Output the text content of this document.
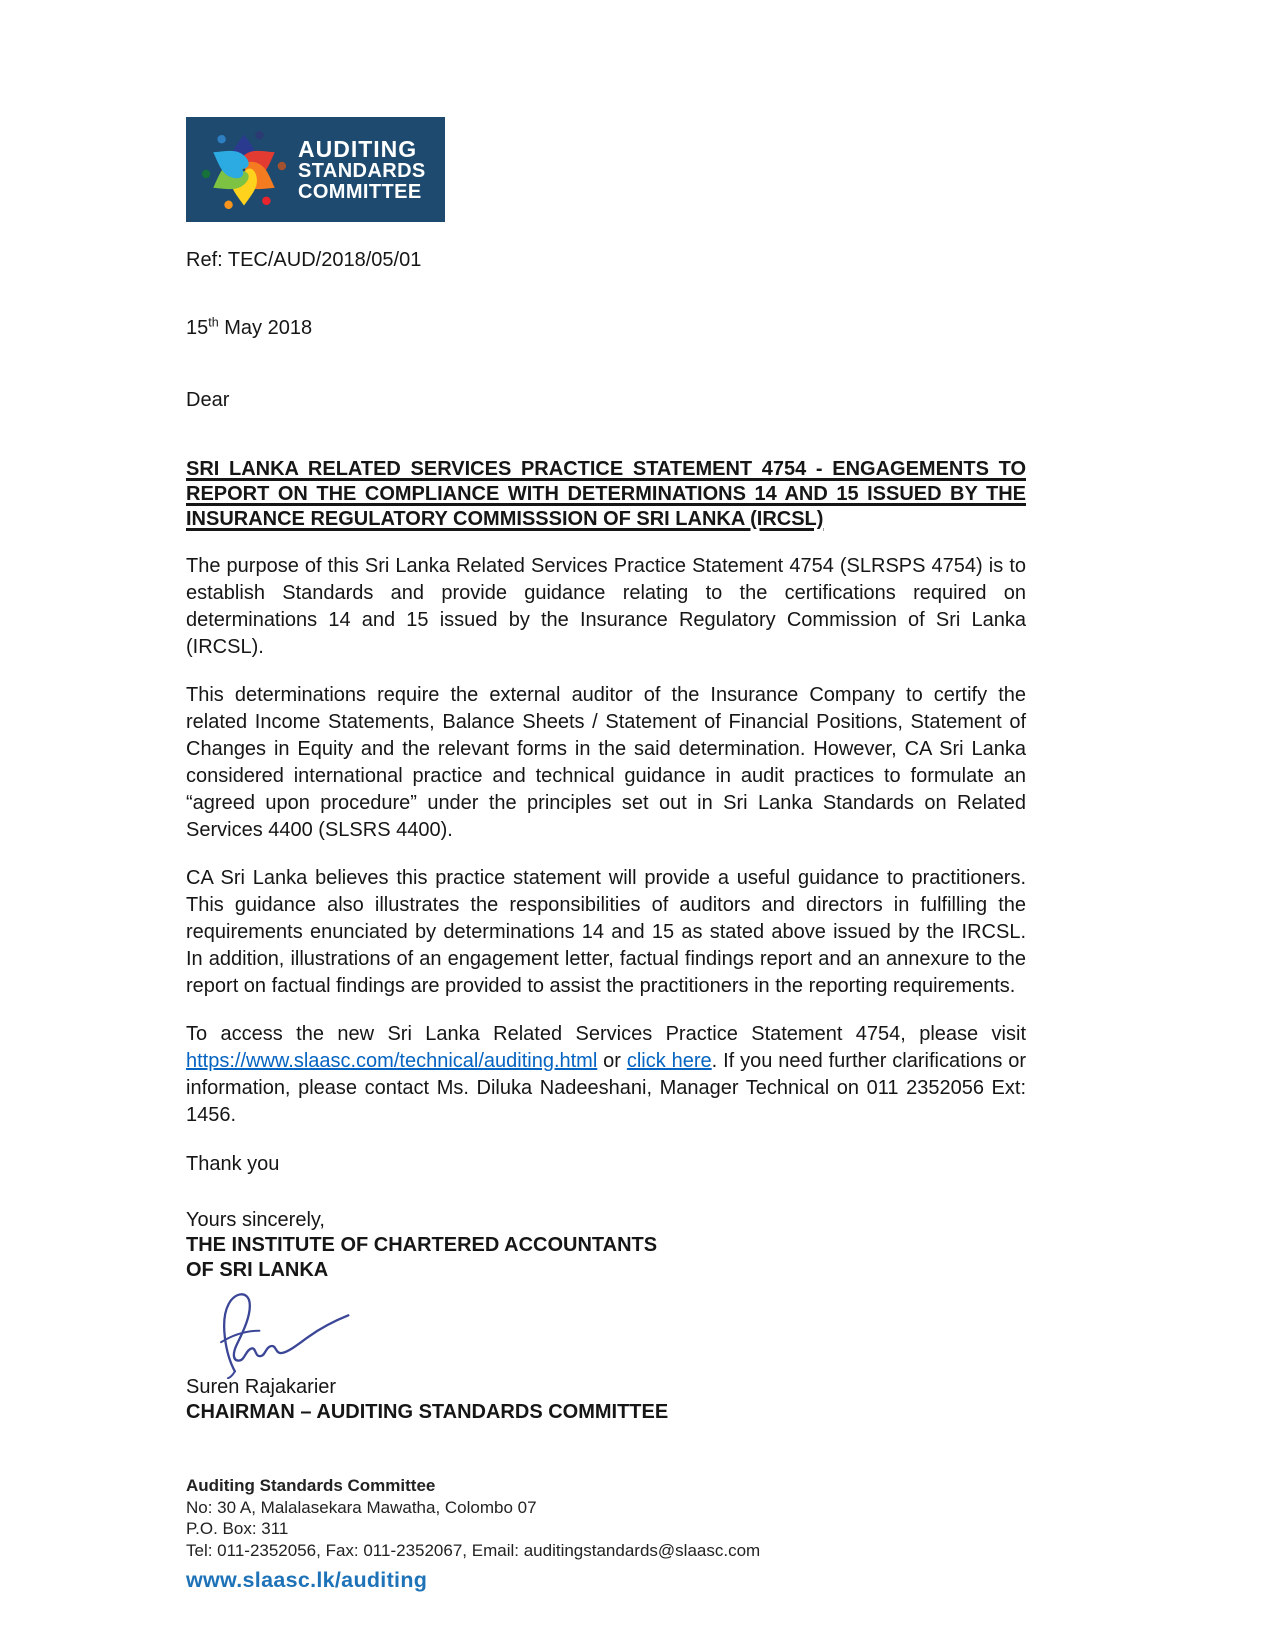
AUDITING
STANDARDS
COMMITTEE
Ref: TEC/AUD/2018/05/01
15th May 2018
Dear
SRI LANKA RELATED SERVICES PRACTICE STATEMENT 4754 - ENGAGEMENTS TO REPORT ON THE COMPLIANCE WITH DETERMINATIONS 14 AND 15 ISSUED BY THE INSURANCE REGULATORY COMMISSSION OF SRI LANKA (IRCSL)

The purpose of this Sri Lanka Related Services Practice Statement 4754 (SLRSPS 4754) is to establish Standards and provide guidance relating to the certifications required on determinations 14 and 15 issued by the Insurance Regulatory Commission of Sri Lanka (IRCSL).

This determinations require the external auditor of the Insurance Company to certify the related Income Statements, Balance Sheets / Statement of Financial Positions, Statement of Changes in Equity and the relevant forms in the said determination. However, CA Sri Lanka considered international practice and technical guidance in audit practices to formulate an “agreed upon procedure” under the principles set out in Sri Lanka Standards on Related Services 4400 (SLSRS 4400).

CA Sri Lanka believes this practice statement will provide a useful guidance to practitioners. This guidance also illustrates the responsibilities of auditors and directors in fulfilling the requirements enunciated by determinations 14 and 15 as stated above issued by the IRCSL. In addition, illustrations of an engagement letter, factual findings report and an annexure to the report on factual findings are provided to assist the practitioners in the reporting requirements.

To access the new Sri Lanka Related Services Practice Statement 4754, please visit https://www.slaasc.com/technical/auditing.html or click here. If you need further clarifications or information, please contact Ms. Diluka Nadeeshani, Manager Technical on 011 2352056 Ext: 1456.

Thank you
Yours sincerely,
THE INSTITUTE OF CHARTERED ACCOUNTANTS
OF SRI LANKA
Suren Rajakarier
CHAIRMAN – AUDITING STANDARDS COMMITTEE
Auditing Standards Committee
No: 30 A, Malalasekara Mawatha, Colombo 07
P.O. Box: 311
Tel: 011-2352056, Fax: 011-2352067, Email: auditingstandards@slaasc.com
www.slaasc.lk/auditing
